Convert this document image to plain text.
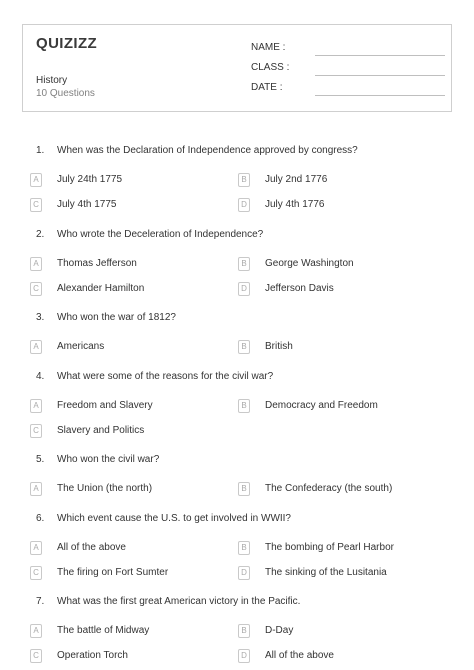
QUIZIZZ
History
10 Questions
NAME :
CLASS :
DATE :
1. When was the Declaration of Independence approved by congress?
A	July 24th 1775	B	July 2nd 1776
C	July 4th 1775	D	July 4th 1776
2. Who wrote the Deceleration of Independence?
A	Thomas Jefferson	B	George Washington
C	Alexander Hamilton	D	Jefferson Davis
3. Who won the war of 1812?
A	Americans	B	British
4. What were some of the reasons for the civil war?
A	Freedom and Slavery	B	Democracy and Freedom
C	Slavery and Politics
5. Who won the civil war?
A	The Union (the north)	B	The Confederacy (the south)
6. Which event cause the U.S. to get involved in WWII?
A	All of the above	B	The bombing of Pearl Harbor
C	The firing on Fort Sumter	D	The sinking of the Lusitania
7. What was the first great American victory in the Pacific.
A	The battle of Midway	B	D-Day
C	Operation Torch	D	All of the above
